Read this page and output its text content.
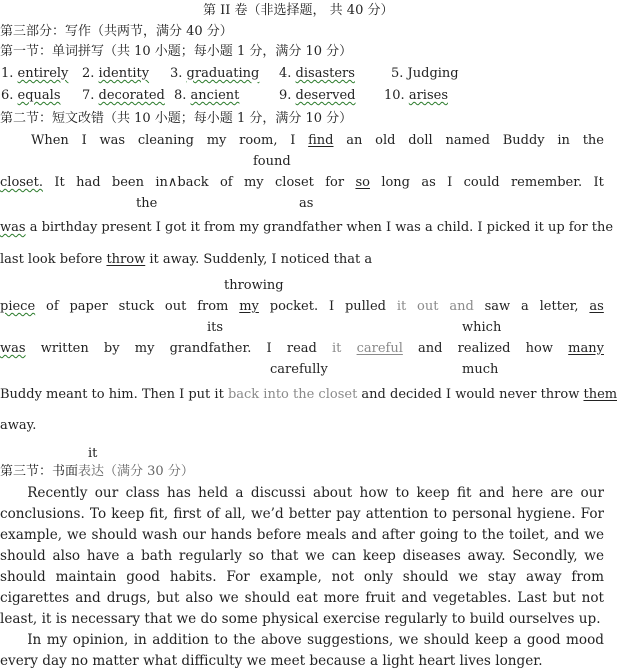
第 II 卷（非选择题， 共 40 分）
第三部分：写作（共两节，满分 40 分）
第一节：单词拼写（共 10 小题；每小题 1 分，满分 10 分）
1. entirely 2. identity 3. graduating 4. disasters	5. Judging
6. equals 7. decorated 8. ancient	9. deserved 10. arises
第二节：短文改错（共 10 小题；每小题 1 分，满分 10 分）
When I was cleaning my room, I find an old doll named Buddy in the
found
closet. It had been in∧back of my closet for so long as I could remember. It
the	as
was a birthday present I got it from my grandfather when I was a child. I picked it up for the
last look before throw it away. Suddenly, I noticed that a
throwing
piece of paper stuck out from my pocket. I pulled it out and saw a letter, as
its	which
was written by my grandfather. I read it careful and realized how many
carefully	much
Buddy meant to him. Then I put it back into the closet and decided I would never throw them
away.
it
第三节：书面表达（满分 30 分）

Recently our class has held a discussi about how to keep fit and here are our conclusions. To keep fit, first of all, we’d better pay attention to personal hygiene. For example, we should wash our hands before meals and after going to the toilet, and we should also have a bath regularly so that we can keep diseases away. Secondly, we should maintain good habits. For example, not only should we stay away from cigarettes and drugs, but also we should eat more fruit and vegetables. Last but not least, it is necessary that we do some physical exercise regularly to build ourselves up.

In my opinion, in addition to the above suggestions, we should keep a good mood every day no matter what difficulty we meet because a light heart lives longer.
